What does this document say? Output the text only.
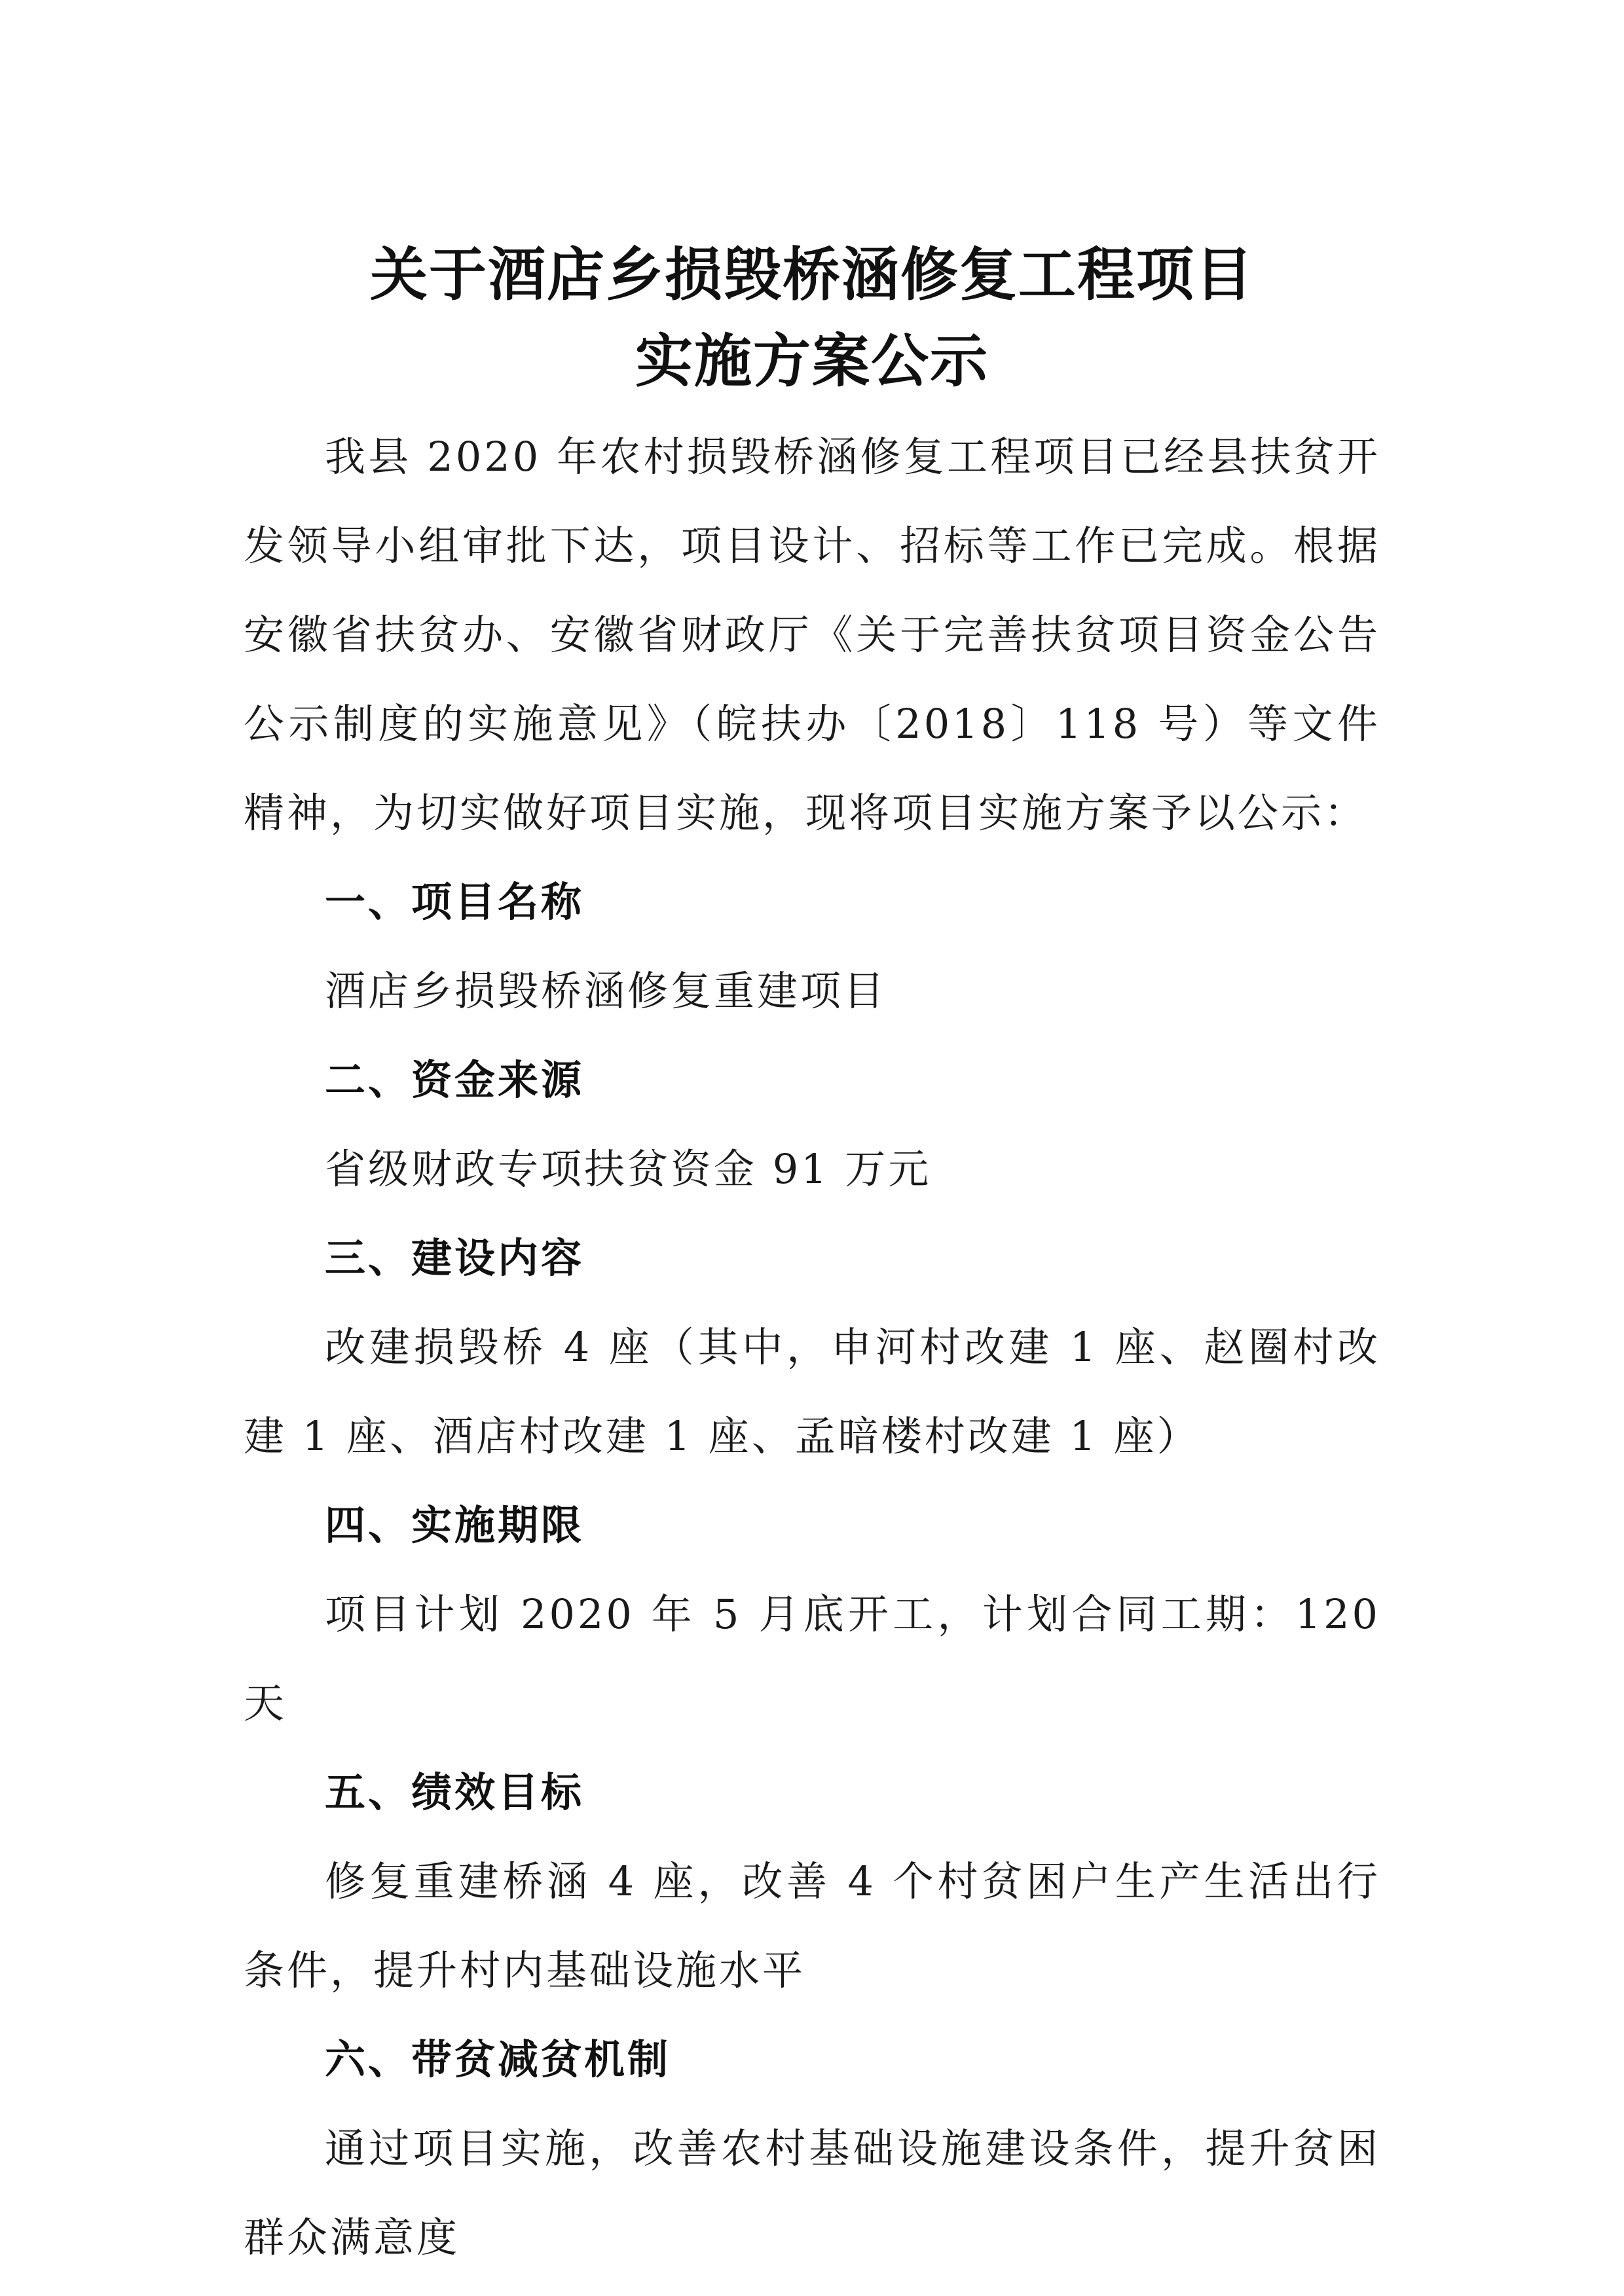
关于酒店乡损毁桥涵修复工程项目
实施方案公示

我县 2020 年农村损毁桥涵修复工程项目已经县扶贫开发领导小组审批下达，项目设计、招标等工作已完成。根据安徽省扶贫办、安徽省财政厅《关于完善扶贫项目资金公告公示制度的实施意见》（皖扶办〔2018〕118 号）等文件精神，为切实做好项目实施，现将项目实施方案予以公示：

一、项目名称

酒店乡损毁桥涵修复重建项目

二、资金来源

省级财政专项扶贫资金 91 万元

三、建设内容

改建损毁桥 4 座（其中，申河村改建 1 座、赵圈村改建 1 座、酒店村改建 1 座、孟暗楼村改建 1 座）

四、实施期限

项目计划 2020 年 5 月底开工，计划合同工期：120 天

五、绩效目标

修复重建桥涵 4 座，改善 4 个村贫困户生产生活出行条件，提升村内基础设施水平

六、带贫减贫机制

通过项目实施，改善农村基础设施建设条件，提升贫困群众满意度
